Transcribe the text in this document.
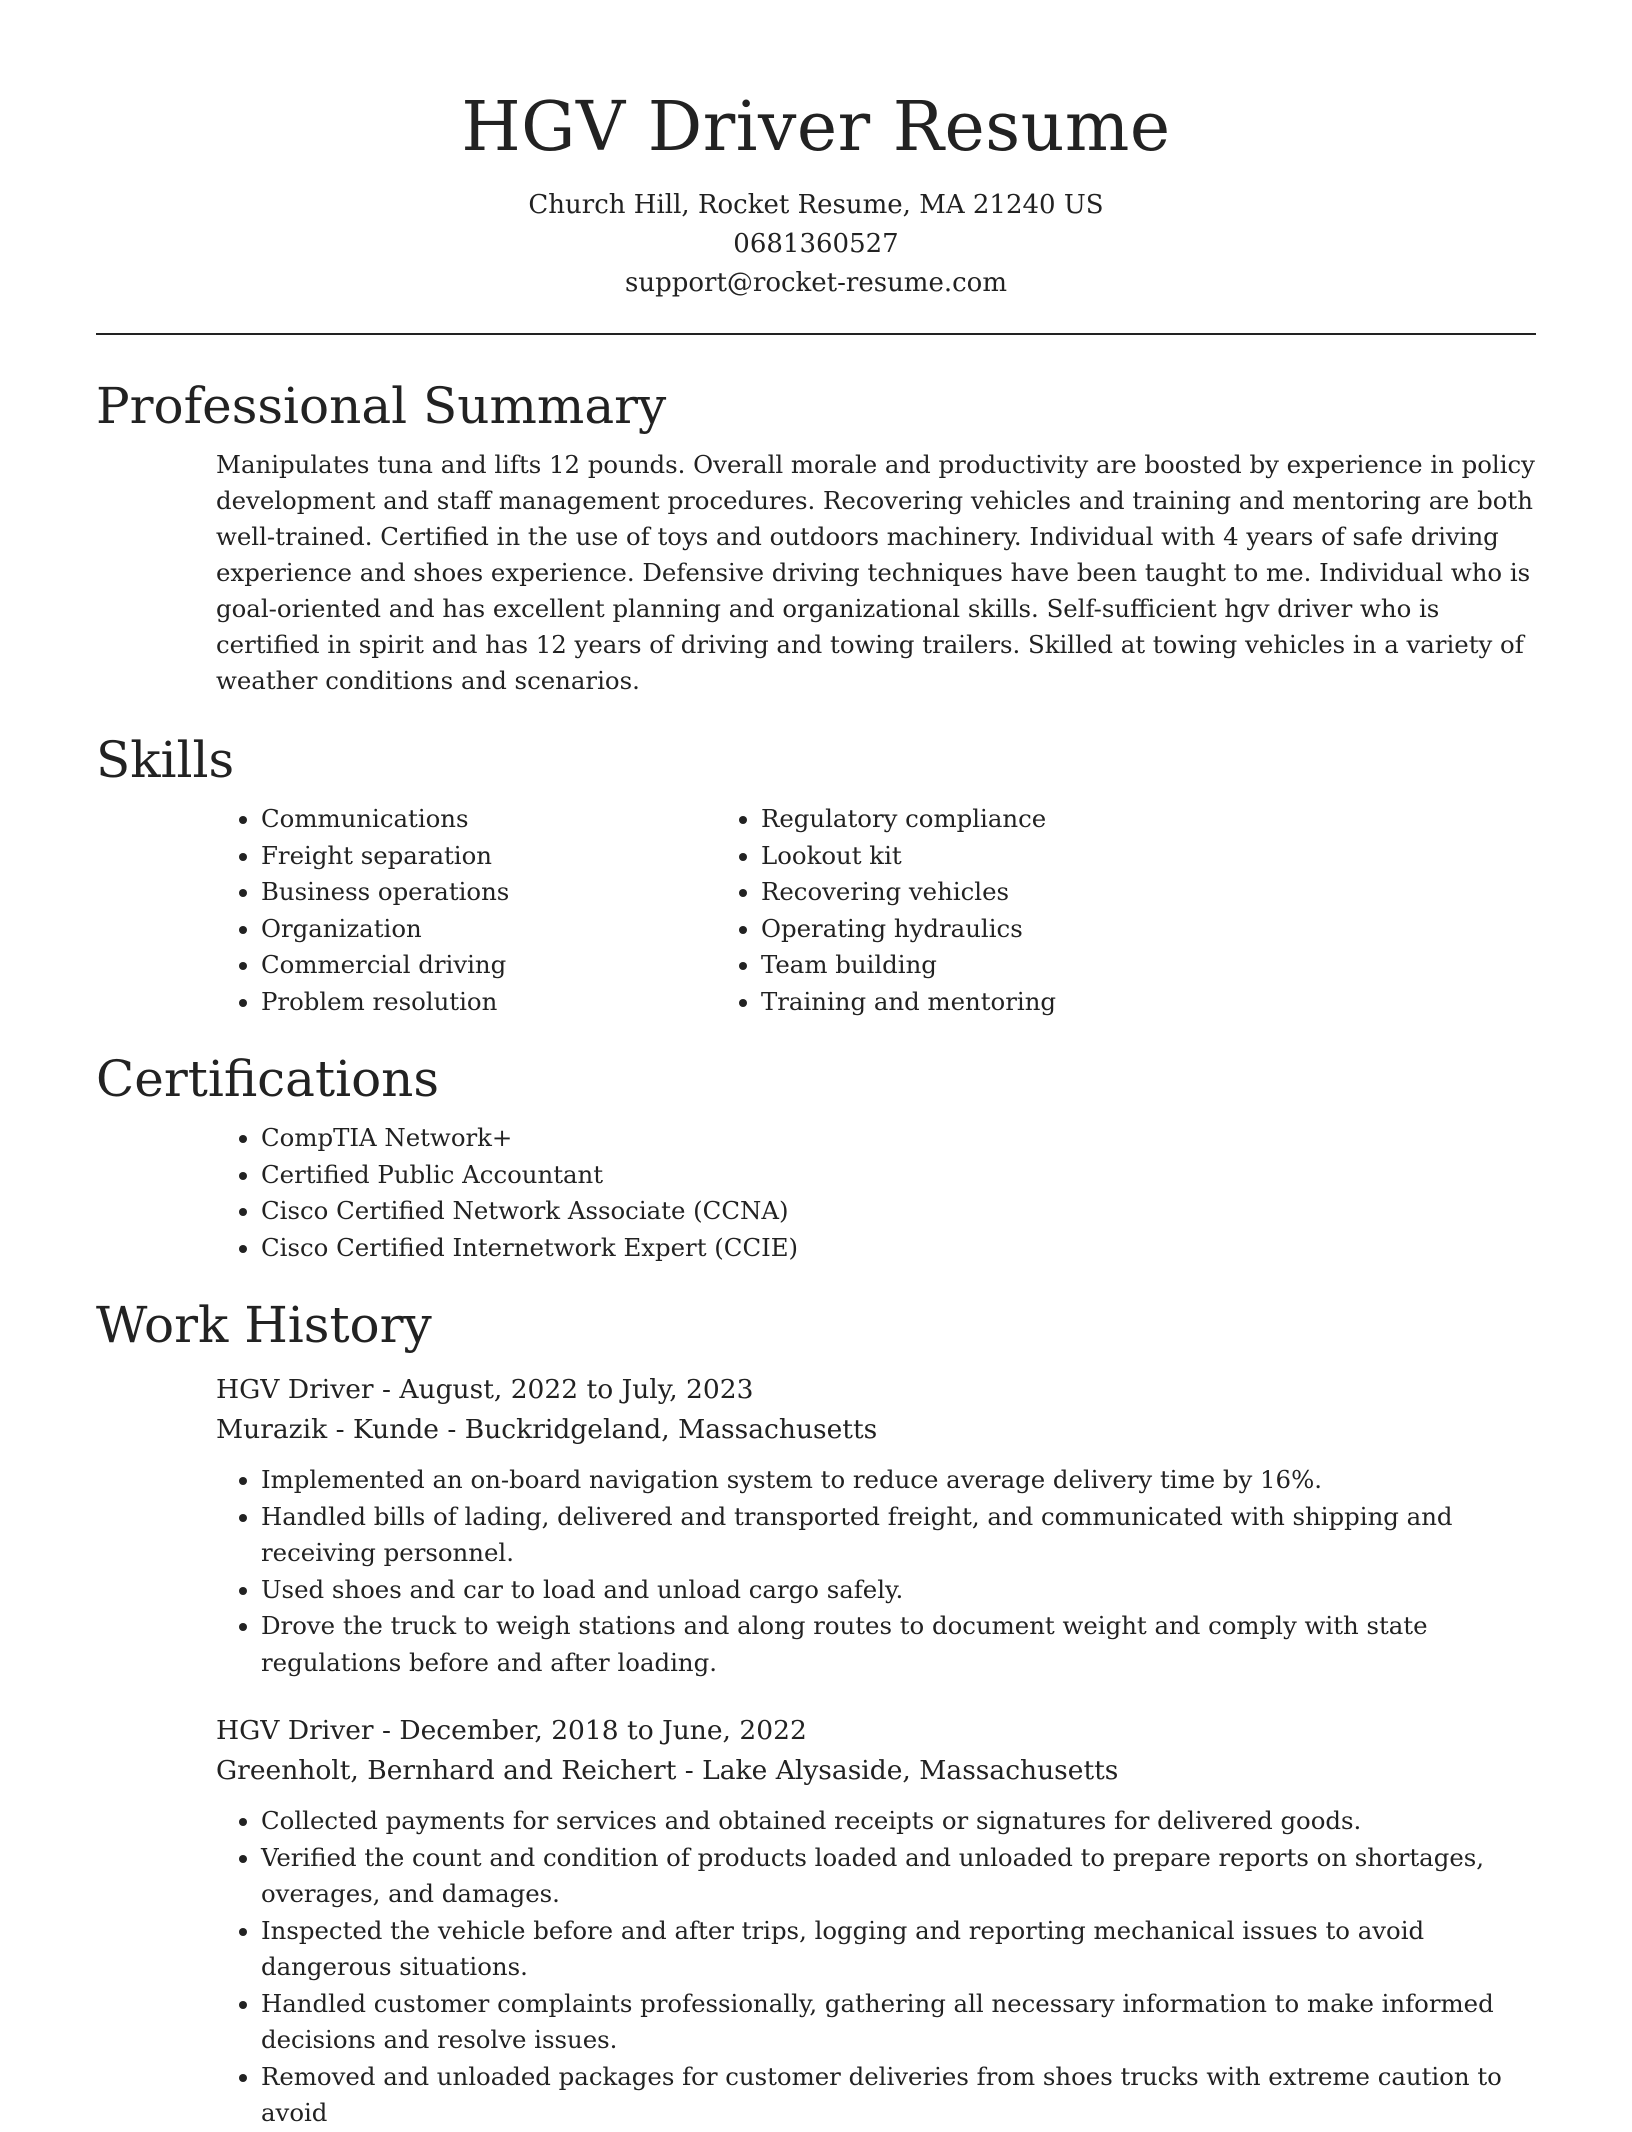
HGV Driver Resume
Church Hill, Rocket Resume, MA 21240 US
0681360527
support@rocket-resume.com
Professional Summary

Manipulates tuna and lifts 12 pounds. Overall morale and productivity are boosted by experience in policy development and staff management procedures. Recovering vehicles and training and mentoring are both well-trained. Certified in the use of toys and outdoors machinery. Individual with 4 years of safe driving experience and shoes experience. Defensive driving techniques have been taught to me. Individual who is goal-oriented and has excellent planning and organizational skills. Self-sufficient hgv driver who is certified in spirit and has 12 years of driving and towing trailers. Skilled at towing vehicles in a variety of weather conditions and scenarios.

Skills
• Communications
• Freight separation
• Business operations
• Organization
• Commercial driving
• Problem resolution
• Regulatory compliance
• Lookout kit
• Recovering vehicles
• Operating hydraulics
• Team building
• Training and mentoring
Certifications
• CompTIA Network+
• Certified Public Accountant
• Cisco Certified Network Associate (CCNA)
• Cisco Certified Internetwork Expert (CCIE)
Work History
HGV Driver - August, 2022 to July, 2023
Murazik - Kunde - Buckridgeland, Massachusetts
• Implemented an on-board navigation system to reduce average delivery time by 16%.
• Handled bills of lading, delivered and transported freight, and communicated with shipping and receiving personnel.
• Used shoes and car to load and unload cargo safely.
• Drove the truck to weigh stations and along routes to document weight and comply with state regulations before and after loading.
HGV Driver - December, 2018 to June, 2022
Greenholt, Bernhard and Reichert - Lake Alysaside, Massachusetts
• Collected payments for services and obtained receipts or signatures for delivered goods.
• Verified the count and condition of products loaded and unloaded to prepare reports on shortages, overages, and damages.
• Inspected the vehicle before and after trips, logging and reporting mechanical issues to avoid dangerous situations.
• Handled customer complaints professionally, gathering all necessary information to make informed decisions and resolve issues.
• Removed and unloaded packages for customer deliveries from shoes trucks with extreme caution to avoid
